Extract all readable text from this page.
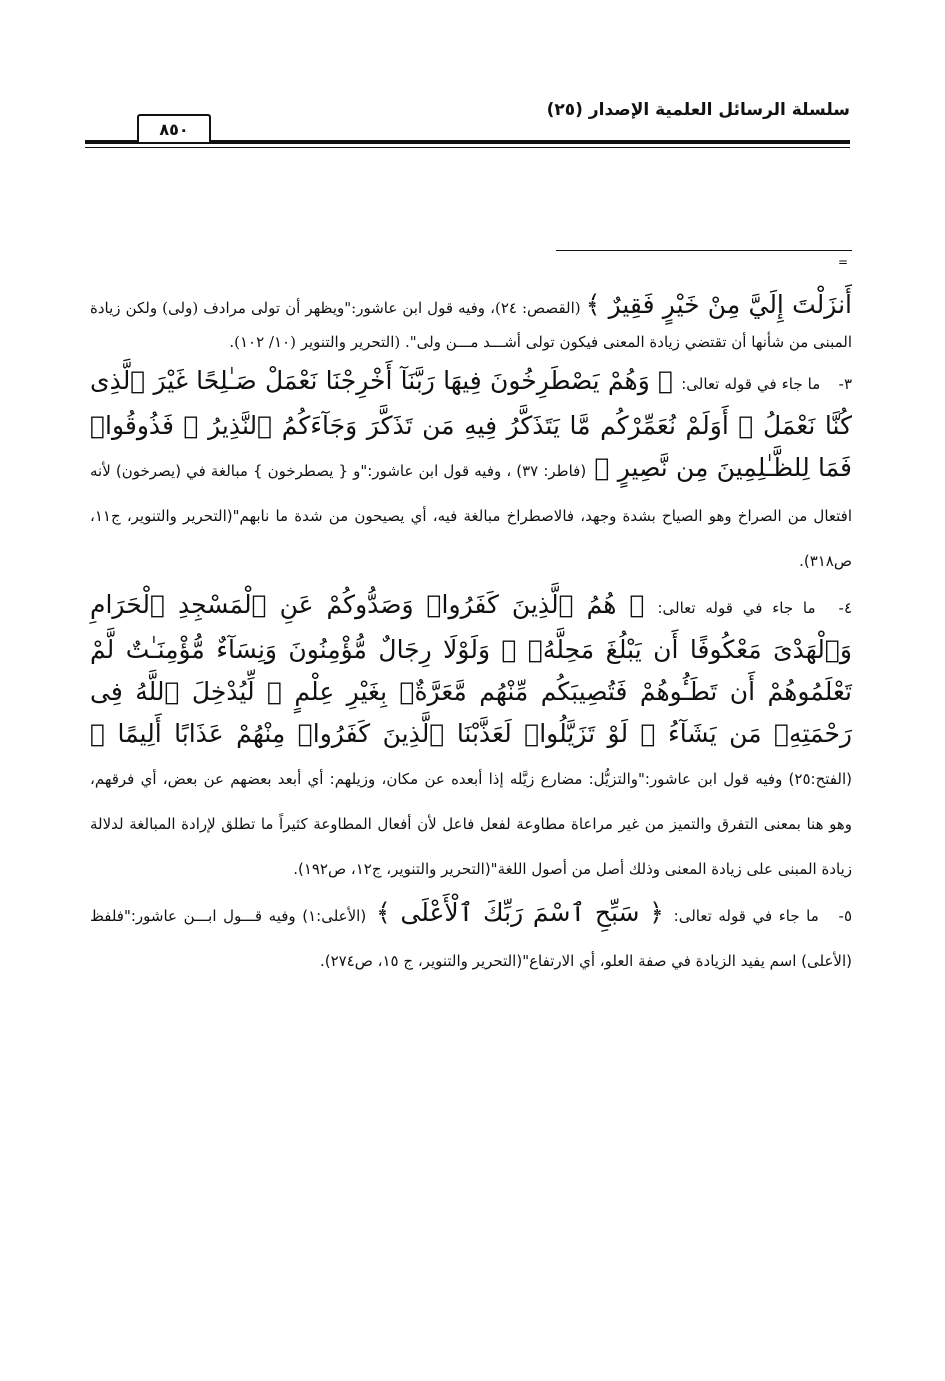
سلسلة الرسائل العلمية الإصدار (٢٥)
٨٥٠
=

أَنزَلْتَ إِلَيَّ مِنْ خَيْرٍ فَقِيرٌ ﴾ (القصص: ٢٤)، وفيه قول ابن عاشور:"ويظهر أن تولى مرادف (ولى) ولكن زيادة المبنى من شأنها أن تقتضي زيادة المعنى فيكون تولى أشـــد مـــن ولى". (التحرير والتنوير (١٠/ ١٠٢).

٣- ما جاء في قوله تعالى: ﴿ وَهُمْ يَصْطَرِخُونَ فِيهَا رَبَّنَآ أَخْرِجْنَا نَعْمَلْ صَـٰلِحًا غَيْرَ ٱلَّذِى كُنَّا نَعْمَلُ ۚ أَوَلَمْ نُعَمِّرْكُم مَّا يَتَذَكَّرُ فِيهِ مَن تَذَكَّرَ وَجَآءَكُمُ ٱلنَّذِيرُ ۖ فَذُوقُوا۟ فَمَا لِلظَّـٰلِمِينَ مِن نَّصِيرٍ ﴾ (فاطر: ٣٧) ، وفيه قول ابن عاشور:"و { يصطرخون } مبالغة في (يصرخون) لأنه افتعال من الصراخ وهو الصياح بشدة وجهد، فالاصطراخ مبالغة فيه، أي يصيحون من شدة ما نابهم"(التحرير والتنوير، ج١١، ص٣١٨).

٤- ما جاء في قوله تعالى: ﴿ هُمُ ٱلَّذِينَ كَفَرُوا۟ وَصَدُّوكُمْ عَنِ ٱلْمَسْجِدِ ٱلْحَرَامِ وَٱلْهَدْىَ مَعْكُوفًا أَن يَبْلُغَ مَحِلَّهُۥ ۚ وَلَوْلَا رِجَالٌ مُّؤْمِنُونَ وَنِسَآءٌ مُّؤْمِنَـٰتٌ لَّمْ تَعْلَمُوهُمْ أَن تَطَـُٔوهُمْ فَتُصِيبَكُم مِّنْهُم مَّعَرَّةٌۢ بِغَيْرِ عِلْمٍ ۖ لِّيُدْخِلَ ٱللَّهُ فِى رَحْمَتِهِۦ مَن يَشَآءُ ۚ لَوْ تَزَيَّلُوا۟ لَعَذَّبْنَا ٱلَّذِينَ كَفَرُوا۟ مِنْهُمْ عَذَابًا أَلِيمًا ﴾ (الفتح:٢٥) وفيه قول ابن عاشور:"والتزيُّل: مضارع زيَّله إذا أبعده عن مكان، وزيلهم: أي أبعد بعضهم عن بعض، أي فرقهم، وهو هنا بمعنى التفرق والتميز من غير مراعاة مطاوعة لفعل فاعل لأن أفعال المطاوعة كثيراً ما تطلق لإرادة المبالغة لدلالة زيادة المبنى على زيادة المعنى وذلك أصل من أصول اللغة"(التحرير والتنوير، ج١٢، ص١٩٢).

٥- ما جاء في قوله تعالى: ﴿ سَبِّحِ ٱسْمَ رَبِّكَ ٱلْأَعْلَى ﴾ (الأعلى:١) وفيه قـــول ابـــن عاشور:"فلفظ (الأعلى) اسم يفيد الزيادة في صفة العلو، أي الارتفاع"(التحرير والتنوير، ج ١٥، ص٢٧٤).
